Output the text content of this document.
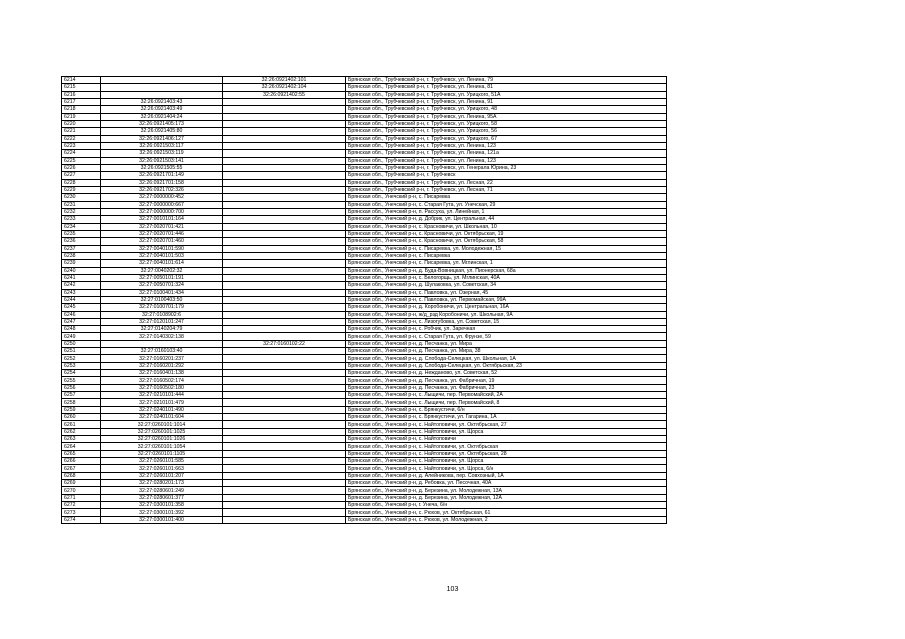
6214		32:26:0921402:101	Брянская обл., Трубчевский р-н, г. Трубчевск, ул. Ленина, 79
6215		32:26:0921402:104	Брянская обл., Трубчевский р-н, г. Трубчевск, ул. Ленина, 81
6216		32:26:0921402:55	Брянская обл., Трубчевский р-н, г. Трубчевск, ул. Урицкого, 51А
6217	32:26:0921403:43		Брянская обл., Трубчевский р-н, г. Трубчевск, ул. Ленина, 91
6218	32:26:0921403:49		Брянская обл., Трубчевский р-н, г. Трубчевск, ул. Урицкого, 48
6219	32:26:0921404:24		Брянская обл., Трубчевский р-н, г. Трубчевск, ул. Ленина, 95А
6220	32:26:0921405:173		Брянская обл., Трубчевский р-н, г. Трубчевск, ул. Урицкого, 58
6221	32:26:0921405:80		Брянская обл., Трубчевский р-н, г. Трубчевск, ул. Урицкого, 56
6222	32:26:0921406:127		Брянская обл., Трубчевский р-н, г. Трубчевск, ул. Урицкого, 67
6223	32:26:0921503:117		Брянская обл., Трубчевский р-н, г. Трубчевск, ул. Ленина, 123
6224	32:26:0921503:119		Брянская обл., Трубчевский р-н, г. Трубчевск, ул. Ленина, 121а
6225	32:26:0921503:141		Брянская обл., Трубчевский р-н, г. Трубчевск, ул. Ленина, 123
6226	32:26:0921505:55		Брянская обл., Трубчевский р-н, г. Трубчевск, ул. Генерала Юрина, 23
6227	32:26:0921701:149		Брянская обл., Трубчевский р-н, г. Трубчевск
6228	32:26:0921701:158		Брянская обл., Трубчевский р-н, г. Трубчевск, ул. Лесная, 22
6229	32:26:0921702:326		Брянская обл., Трубчевский р-н, г. Трубчевск, ул. Лесная, 71
6230	32:27:0000000:452		Брянская обл., Унечский р-н, с. Писаревка
6231	32:27:0000000:667		Брянская обл., Унечский р-н, с. Старая Гута, ул. Унечская, 29
6232	32:27:0000000:700		Брянская обл., Унечский р-н, п. Рассуха, ул. Линейная, 1
6233	32:27:0010101:164		Брянская обл., Унечский р-н, д. Добрик, ул. Центральная, 44
6234	32:27:0020701:421		Брянская обл., Унечский р-н, с. Красновичи, ул. Школьная, 10
6235	32:27:0020701:446		Брянская обл., Унечский р-н, с. Красновичи, ул. Октябрьская, 19
6236	32:27:0020701:460		Брянская обл., Унечский р-н, с. Красновичи, ул. Октябрьская, 58
6237	32:27:0040101:590		Брянская обл., Унечский р-н, с. Писаревка, ул. Молодежная, 15
6238	32:27:0040101:503		Брянская обл., Унечский р-н, с. Писаревка
6239	32:27:0040101:614		Брянская обл., Унечский р-н, с. Писаревка, ул. Мглинская, 1
6240	32:27:0040202:32		Брянская обл., Унечский р-н, д. Буда-Вовницкая, ул. Пионерская, 68а
6241	32:27:0050101:191		Брянская обл., Унечский р-н, с. Белогорщь, ул. Мглинская, 40А
6242	32:27:0050701:324		Брянская обл., Унечский р-н, д. Шулаковка, ул. Советская, 34
6243	32:27:0100401:434		Брянская обл., Унечский р-н, с. Павловка, ул. Озерная, 45
6244	32:27:0100403:50		Брянская обл., Унечский р-н, с. Павловка, ул. Первомайская, 99А
6245	32:27:0100701:179		Брянская обл., Унечский р-н, д. Коробоничи, ул. Центральная, 16А
6246	32:27:0108902:6		Брянская обл., Унечский р-н, ж/д_рзд Коробоничи, ул. Школьная, 9А
6247	32:27:0120101:247		Брянская обл., Унечский р-н, с. Лизогубовка, ул. Советская, 15
6248	32:27:0140204:79		Брянская обл., Унечский р-н, с. Робчик, ул. Заречная
6249	32:27:0140302:138		Брянская обл., Унечский р-н, с. Старая Гута, ул. Фрунзе, 59
6250		32:27:0160102:22	Брянская обл., Унечский р-н, д. Песчанка, ул. Мира
6251	32:27:0160103:40		Брянская обл., Унечский р-н, д. Песчанка, ул. Мира, 38
6252	32:27:0160201:237		Брянская обл., Унечский р-н, д. Слобода-Селецкая, ул. Школьная, 1А
6253	32:27:0160201:292		Брянская обл., Унечский р-н, д. Слобода-Селецкая, ул. Октябрьская, 23
6254	32:27:0160401:138		Брянская обл., Унечский р-н, д. Неждановo, ул. Советская, 52
6255	32:27:0160502:174		Брянская обл., Унечский р-н, д. Песчанка, ул. Фабричная, 19
6256	32:27:0160502:180		Брянская обл., Унечский р-н, д. Песчанка, ул. Фабричная, 23
6257	32:27:0210101:444		Брянская обл., Унечский р-н, с. Лыщичи, пер. Первомайский, 2А
6258	32:27:0210101:479		Брянская обл., Унечский р-н, с. Лыщичи, пер. Первомайский, 8
6259	32:27:0240101:490		Брянская обл., Унечский р-н, с. Брянкустичи, 6/н
6260	32:27:0240101:604		Брянская обл., Унечский р-н, с. Брянкустичи, ул. Гагарина, 1А
6261	32:27:0260101:1014		Брянская обл., Унечский р-н, с. Найтоповичи, ул. Октябрьская, 27
6262	32:27:0260101:1025		Брянская обл., Унечский р-н, с. Найтоповичи, ул. Щорса
6263	32:27:0260101:1026		Брянская обл., Унечский р-н, с. Найтоповичи
6264	32:27:0260101:1054		Брянская обл., Унечский р-н, с. Найтоповичи, ул. Октябрьская
6265	32:27:0260101:1105		Брянская обл., Унечский р-н, с. Найтоповичи, ул. Октябрьская, 28
6266	32:27:0260101:585		Брянская обл., Унечский р-н, с. Найтоповичи, ул. Щорса
6267	32:27:0260101:663		Брянская обл., Унечский р-н, с. Найтоповичи, ул. Щорса, 6/н
6268	32:27:0260101:207		Брянская обл., Унечский р-н, д. Алейникова, пер. Совхозный, 1А
6269	32:27:0280201:173		Брянская обл., Унечский р-н, д. Ребовка, ул. Песочная, 40А
6270	32:27:0280601:249		Брянская обл., Унечский р-н, д. Березина, ул. Молодежная, 13А
6271	32:27:0280601:377		Брянская обл., Унечский р-н, д. Березина, ул. Молодежная, 12А
6272	32:27:0300101:358		Брянская обл., Унечский р-н, г. Унеча, 6/н
6273	32:27:0300101:392		Брянская обл., Унечский р-н, с. Рюхов, ул. Октябрьская, 61
6274	32:27:0300101:400		Брянская обл., Унечский р-н, с. Рюхов, ул. Молодежная, 2
103
